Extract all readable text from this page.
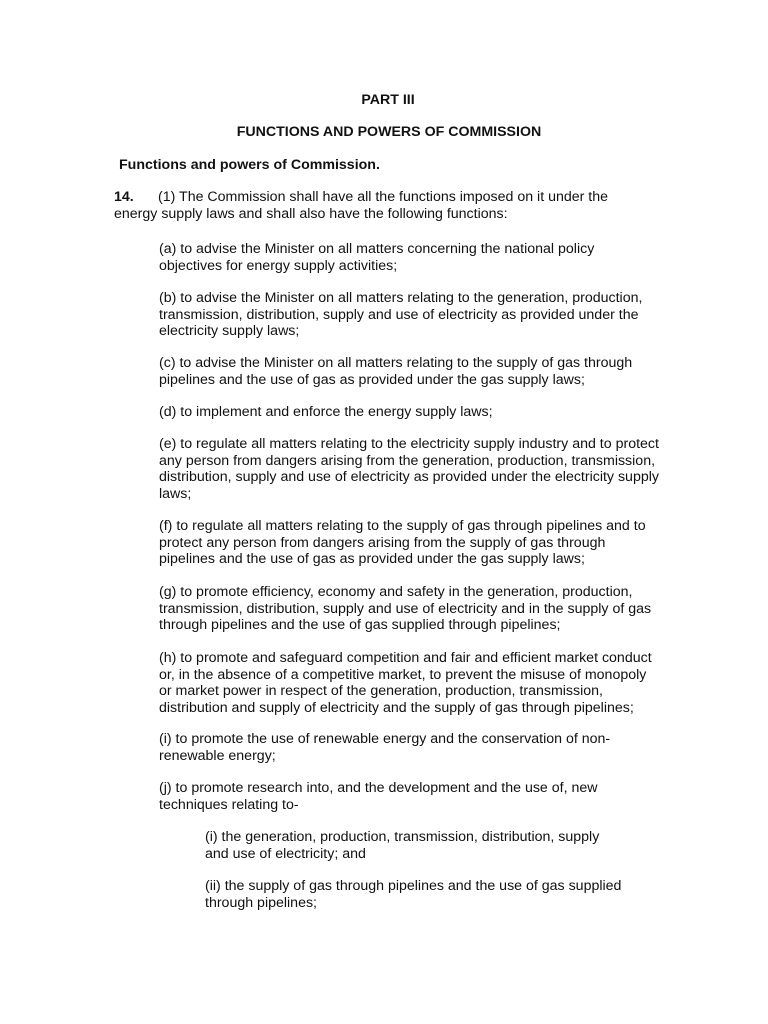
PART III

FUNCTIONS AND POWERS OF COMMISSION

Functions and powers of Commission.

14. (1) The Commission shall have all the functions imposed on it under the energy supply laws and shall also have the following functions:

(a) to advise the Minister on all matters concerning the national policy objectives for energy supply activities;

(b) to advise the Minister on all matters relating to the generation, production, transmission, distribution, supply and use of electricity as provided under the electricity supply laws;

(c) to advise the Minister on all matters relating to the supply of gas through pipelines and the use of gas as provided under the gas supply laws;

(d) to implement and enforce the energy supply laws;

(e) to regulate all matters relating to the electricity supply industry and to protect any person from dangers arising from the generation, production, transmission, distribution, supply and use of electricity as provided under the electricity supply laws;

(f) to regulate all matters relating to the supply of gas through pipelines and to protect any person from dangers arising from the supply of gas through pipelines and the use of gas as provided under the gas supply laws;

(g) to promote efficiency, economy and safety in the generation, production, transmission, distribution, supply and use of electricity and in the supply of gas through pipelines and the use of gas supplied through pipelines;

(h) to promote and safeguard competition and fair and efficient market conduct or, in the absence of a competitive market, to prevent the misuse of monopoly or market power in respect of the generation, production, transmission, distribution and supply of electricity and the supply of gas through pipelines;

(i) to promote the use of renewable energy and the conservation of non-renewable energy;

(j) to promote research into, and the development and the use of, new techniques relating to-

(i) the generation, production, transmission, distribution, supply and use of electricity; and

(ii) the supply of gas through pipelines and the use of gas supplied through pipelines;
